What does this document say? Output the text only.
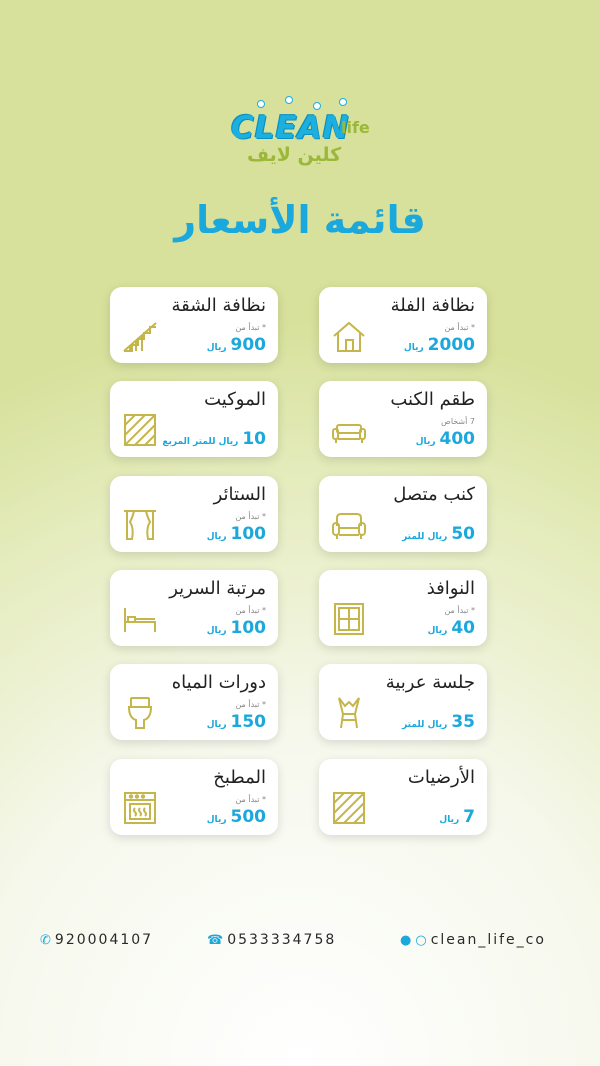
CLEAN
life
كلين لايف
قائمة الأسعار
نظافة الفلة
* تبدأ من
2000
ريال
نظافة الشقة
* تبدأ من
900
ريال
طقم الكنب
7 أشخاص
400
ريال
الموكيت
10
ريال للمتر المربع
كنب متصل
50
ريال للمتر
الستائر
* تبدأ من
100
ريال
النوافذ
* تبدأ من
40
ريال
مرتبة السرير
* تبدأ من
100
ريال
جلسة عربية
35
ريال للمتر
دورات المياه
* تبدأ من
150
ريال
الأرضيات
7
ريال
المطبخ
* تبدأ من
500
ريال
✆ 920004107	☎ 0533334758	● ○ clean_life_co
